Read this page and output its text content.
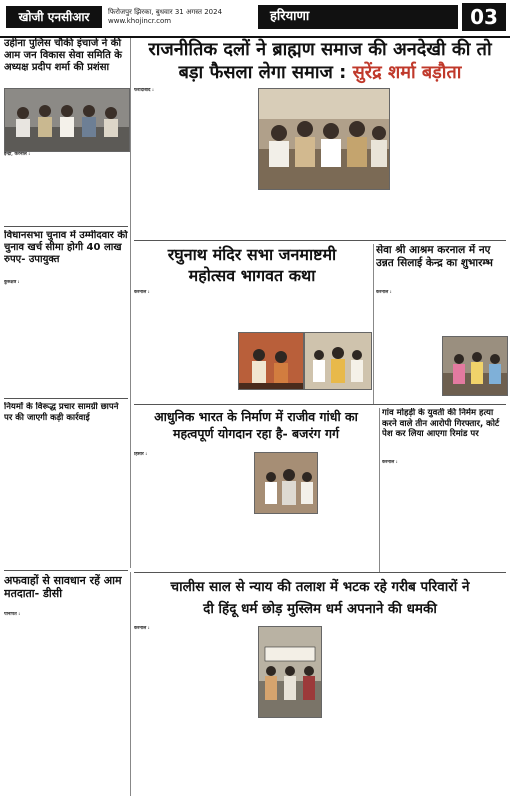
खोजी एनसीआर	फिरोजपुर झिरका, बुधवार 31 अगस्त 2024
www.khojincr.com	हरियाणा	03
राजनीतिक दलों ने ब्राह्मण समाज की अनदेखी की तो
बड़ा फैसला लेगा समाज : सुरेंद्र शर्मा बड़ौता
उहीना पुलिस चौकी इंचार्ज ने की आम जन विकास सेवा समिति के अध्यक्ष प्रदीप शर्मा की प्रशंसा
इन्द्री, करनाल :
विधानसभा चुनाव में उम्मीदवार की चुनाव खर्च सीमा होगी 40 लाख रुपए- उपायुक्त
कुरुक्षेत्र :
नियमों के विरूद्ध प्रचार सामग्री छापने पर की जाएगी कड़ी कार्रवाई
अफवाहों से सावधान रहें आम मतदाता- डीसी
पानीपत :
फरीदाबाद :
रघुनाथ मंदिर सभा जनमाष्टमी
महोत्सव भागवत कथा
करनाल :
सेवा श्री आश्रम करनाल में नए उन्नत सिलाई केन्द्र का शुभारम्भ
करनाल :
आधुनिक भारत के निर्माण में राजीव गांधी का
महत्वपूर्ण योगदान रहा है- बजरंग गर्ग
हिसार :
गांव मोहड़ी के युवती की निर्मम हत्या करने वाले तीन आरोपी गिरफ्तार, कोर्ट पेश कर लिया आएगा रिमांड पर
करनाल :
चालीस साल से न्याय की तलाश में भटक रहे गरीब परिवारों ने
दी हिंदू धर्म छोड़ मुस्लिम धर्म अपनाने की धमकी
करनाल :
